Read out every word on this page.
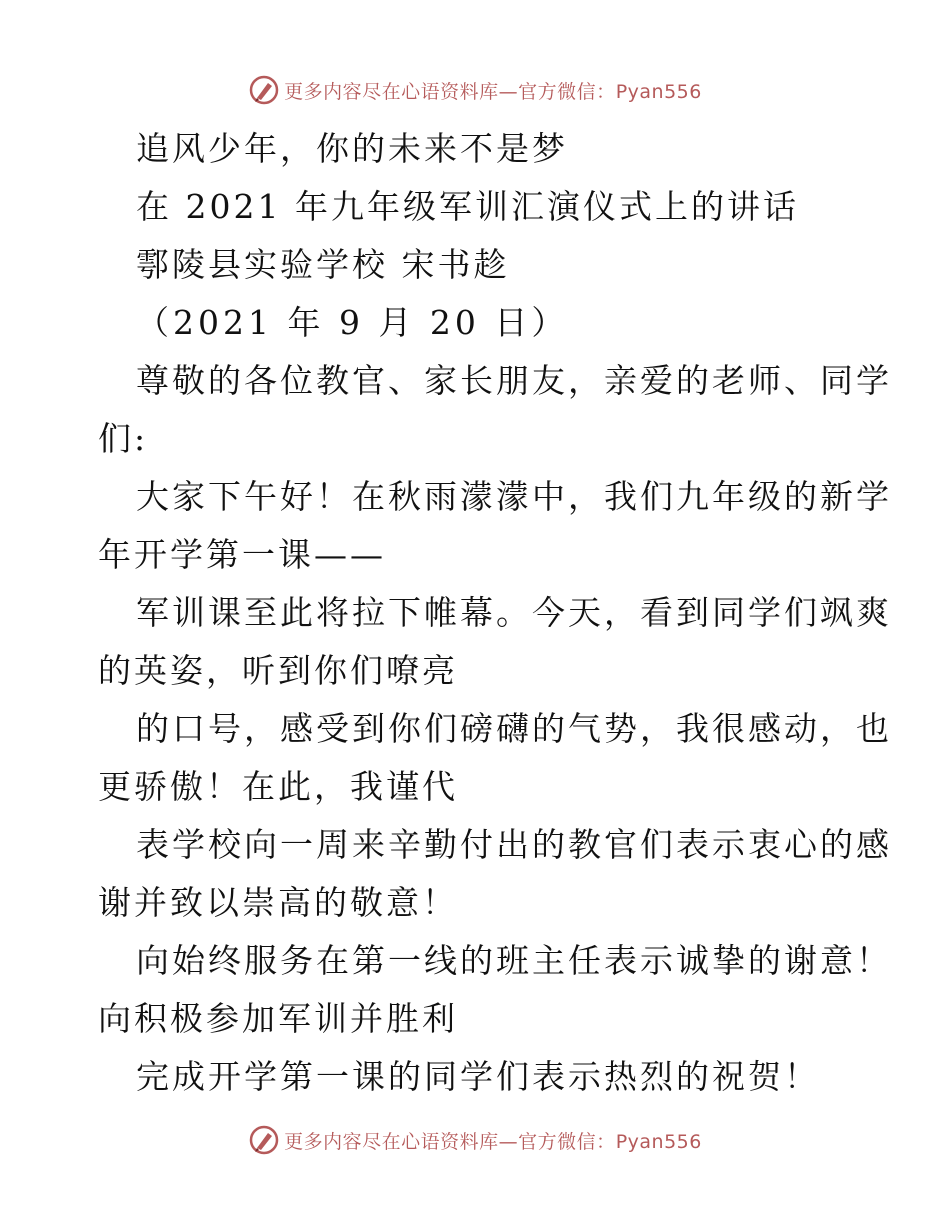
更多内容尽在心语资料库—官方微信：Pyan556
追风少年，你的未来不是梦
在 2021 年九年级军训汇演仪式上的讲话
鄠陵县实验学校 宋书趁
（2021 年 9 月 20 日）
尊敬的各位教官、家长朋友，亲爱的老师、同学
们:
大家下午好！在秋雨濛濛中，我们九年级的新学
年开学第一课——
军训课至此将拉下帷幕。今天，看到同学们飒爽
的英姿，听到你们嘹亮
的口号，感受到你们磅礴的气势，我很感动，也
更骄傲！在此，我谨代
表学校向一周来辛勤付出的教官们表示衷心的感
谢并致以崇高的敬意！
向始终服务在第一线的班主任表示诚挚的谢意！
向积极参加军训并胜利
完成开学第一课的同学们表示热烈的祝贺！
更多内容尽在心语资料库—官方微信：Pyan556
